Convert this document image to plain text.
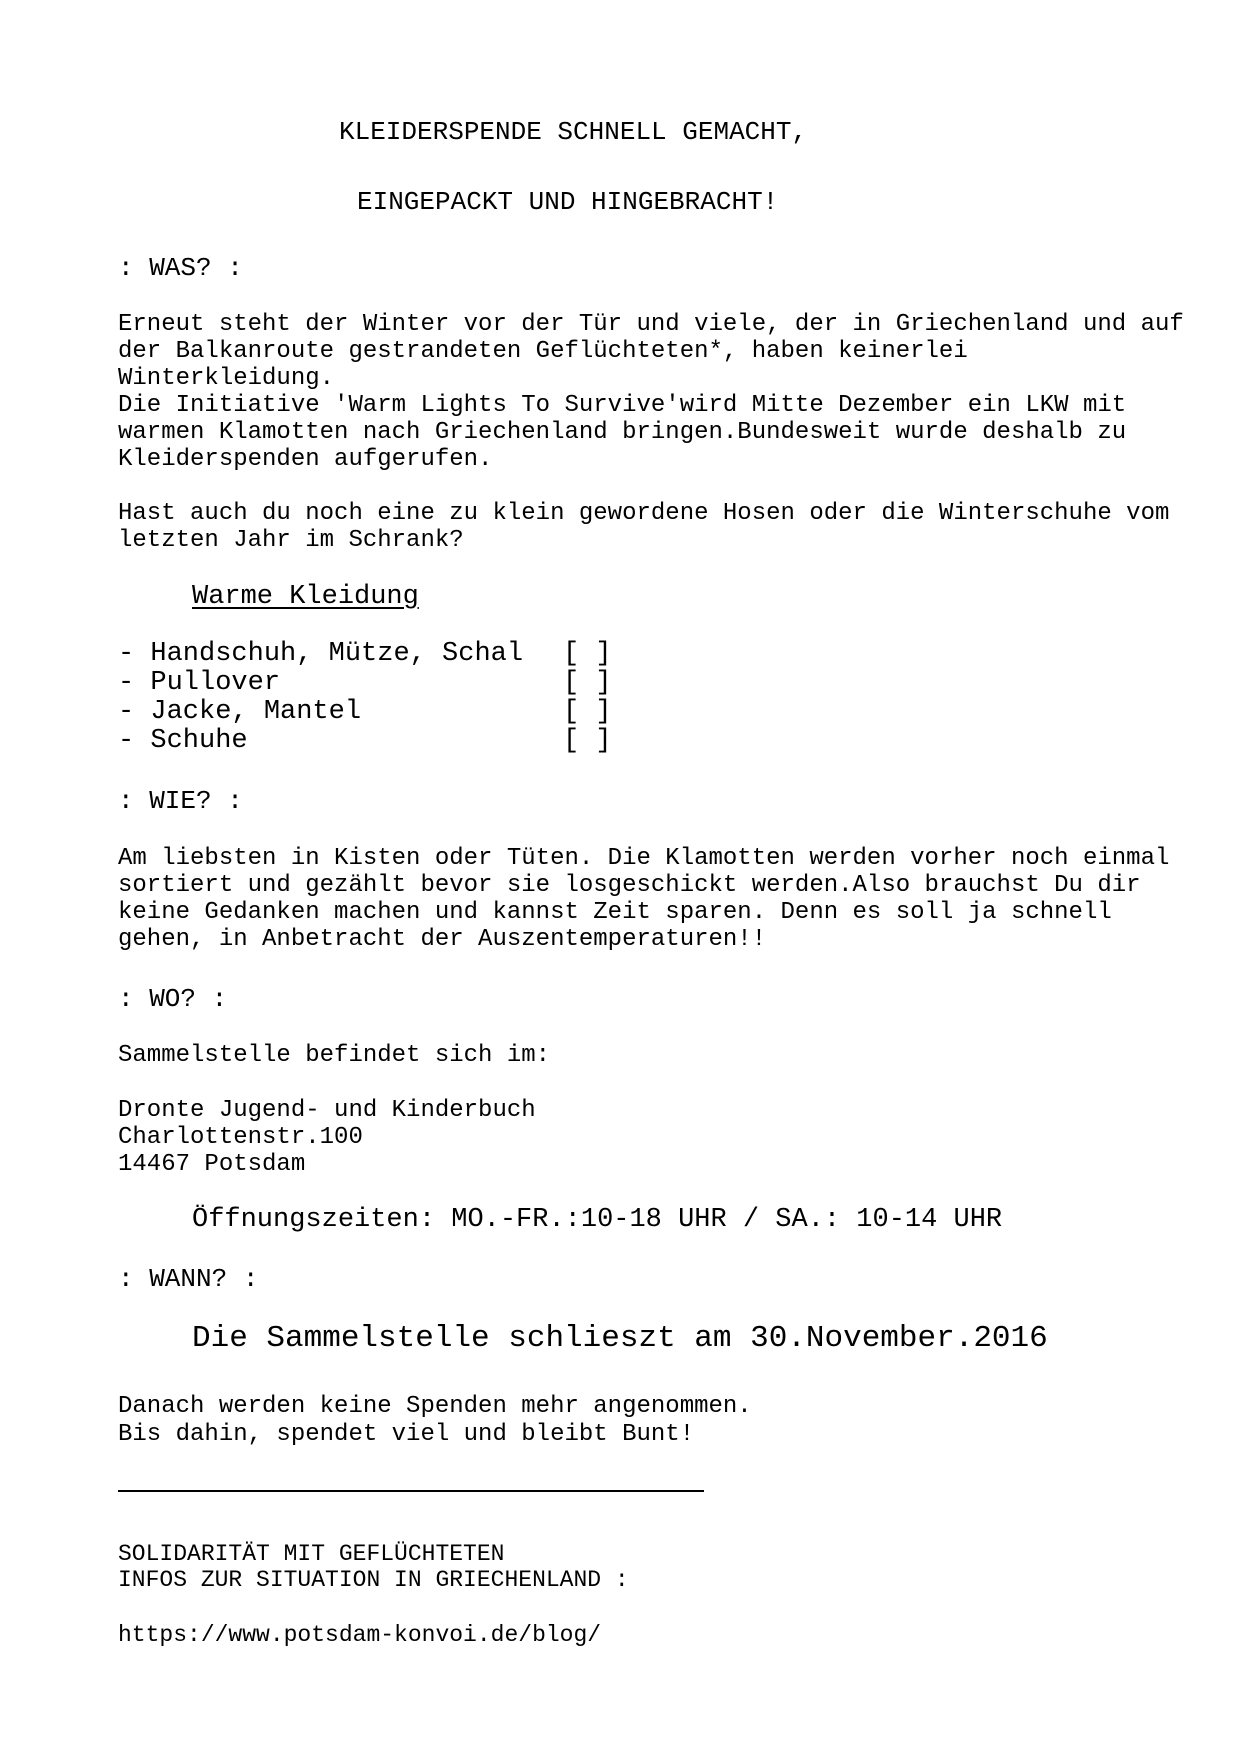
KLEIDERSPENDE SCHNELL GEMACHT,
EINGEPACKT UND HINGEBRACHT!
: WAS? :
Erneut steht der Winter vor der Tür und viele, der in Griechenland und auf
der Balkanroute gestrandeten Geflüchteten*, haben keinerlei
Winterkleidung.
Die Initiative 'Warm Lights To Survive'wird Mitte Dezember ein LKW mit
warmen Klamotten nach Griechenland bringen.Bundesweit wurde deshalb zu
Kleiderspenden aufgerufen.
Hast auch du noch eine zu klein gewordene Hosen oder die Winterschuhe vom
letzten Jahr im Schrank?
Warme Kleidung
- Handschuh, Mütze, Schal [ ]
- Pullover	[ ]
- Jacke, Mantel	[ ]
- Schuhe	[ ]
: WIE? :
Am liebsten in Kisten oder Tüten. Die Klamotten werden vorher noch einmal
sortiert und gezählt bevor sie losgeschickt werden.Also brauchst Du dir
keine Gedanken machen und kannst Zeit sparen. Denn es soll ja schnell
gehen, in Anbetracht der Auszentemperaturen!!
: WO? :
Sammelstelle befindet sich im:
Dronte Jugend- und Kinderbuch
Charlottenstr.100
14467 Potsdam
Öffnungszeiten: MO.-FR.:10-18 UHR / SA.: 10-14 UHR
: WANN? :
Die Sammelstelle schlieszt am 30.November.2016
Danach werden keine Spenden mehr angenommen.
Bis dahin, spendet viel und bleibt Bunt!
SOLIDARITÄT MIT GEFLÜCHTETEN
INFOS ZUR SITUATION IN GRIECHENLAND :
https://www.potsdam-konvoi.de/blog/
